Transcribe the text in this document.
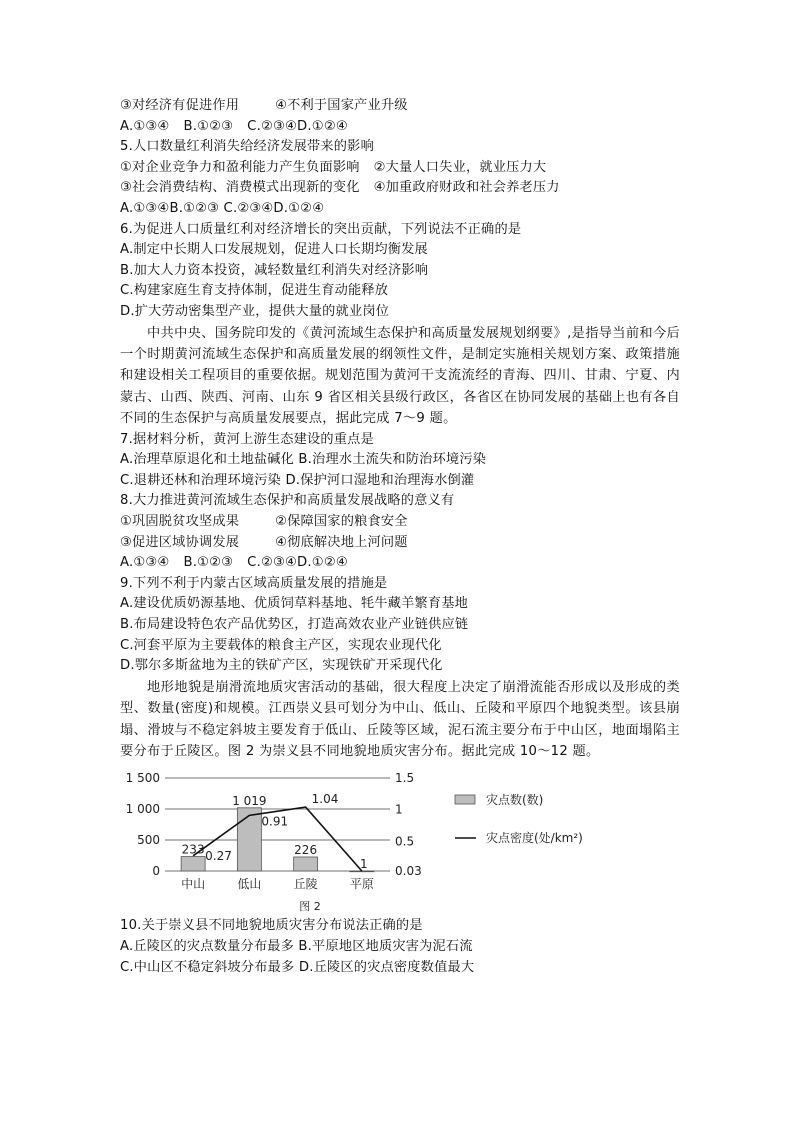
③对经济有促进作用	④不利于国家产业升级
A.①③④ B.①②③ C.②③④D.①②④
5.人口数量红利消失给经济发展带来的影响
①对企业竞争力和盈利能力产生负面影响 ②大量人口失业，就业压力大
③社会消费结构、消费模式出现新的变化 ④加重政府财政和社会养老压力
A.①③④B.①②③ C.②③④D.①②④
6.为促进人口质量红利对经济增长的突出贡献，下列说法不正确的是
A.制定中长期人口发展规划，促进人口长期均衡发展
B.加大人力资本投资，减轻数量红利消失对经济影响
C.构建家庭生育支持体制，促进生育动能释放
D.扩大劳动密集型产业，提供大量的就业岗位
中共中央、国务院印发的《黄河流域生态保护和高质量发展规划纲要》,是指导当前和今后一个时期黄河流域生态保护和高质量发展的纲领性文件，是制定实施相关规划方案、政策措施和建设相关工程项目的重要依据。规划范围为黄河干支流流经的青海、四川、甘肃、宁夏、内蒙古、山西、陕西、河南、山东 9 省区相关县级行政区，各省区在协同发展的基础上也有各自不同的生态保护与高质量发展要点，据此完成 7～9 题。
7.据材料分析，黄河上游生态建设的重点是
A.治理草原退化和土地盐碱化 B.治理水土流失和防治环境污染
C.退耕还林和治理环境污染 D.保护河口湿地和治理海水倒灌
8.大力推进黄河流域生态保护和高质量发展战略的意义有
①巩固脱贫攻坚成果	②保障国家的粮食安全
③促进区域协调发展	④彻底解决地上河问题
A.①③④ B.①②③ C.②③④D.①②④
9.下列不利于内蒙古区域高质量发展的措施是
A.建设优质奶源基地、优质饲草料基地、牦牛藏羊繁育基地
B.布局建设特色农产品优势区，打造高效农业产业链供应链
C.河套平原为主要载体的粮食主产区，实现农业现代化
D.鄂尔多斯盆地为主的铁矿产区，实现铁矿开采现代化
地形地貌是崩滑流地质灾害活动的基础，很大程度上决定了崩滑流能否形成以及形成的类型、数量(密度)和规模。江西崇义县可划分为中山、低山、丘陵和平原四个地貌类型。该县崩塌、滑坡与不稳定斜坡主要发育于低山、丘陵等区域，泥石流主要分布于中山区，地面塌陷主要分布于丘陵区。图 2 为崇义县不同地貌地质灾害分布。据此完成 10～12 题。
0
500
1 000
1 500
0.03
0.5
1
1.5
233
1 019
226
1
0.27
0.91
1.04
中山	低山	丘陵	平原
灾点数(数)
灾点密度(处/km²)
图 2
10.关于崇义县不同地貌地质灾害分布说法正确的是
A.丘陵区的灾点数量分布最多 B.平原地区地质灾害为泥石流
C.中山区不稳定斜坡分布最多 D.丘陵区的灾点密度数值最大
